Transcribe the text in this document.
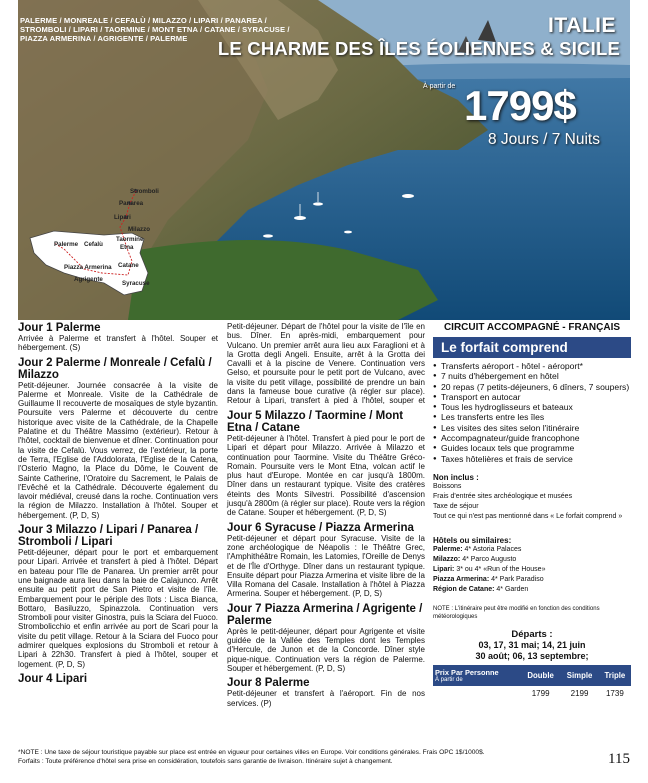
PALERME / MONREALE / CEFALÙ / MILAZZO / LIPARI / PANAREA / STROMBOLI / LIPARI / TAORMINE / MONT ETNA / CATANE / SYRACUSE / PIAZZA ARMERINA / AGRIGENTE / PALERME
ITALIE
LE CHARME DES ÎLES ÉOLIENNES & SICILE
À partir de 1799$
8 Jours / 7 Nuits
Stromboli
Panarea
Lipari
Milazzo
Palerme Cefalù
Taormine
Etna
Piazza Armerina Catane
Agrigente
Syracuse
Jour 1 Palerme

Arrivée à Palerme et transfert à l'hôtel. Souper et hébergement. (S)

Jour 2 Palerme / Monreale / Cefalù / Milazzo

Petit-déjeuner. Journée consacrée à la visite de Palerme et Monreale. Visite de la Cathédrale de Guillaume II recouverte de mosaïques de style byzantin. Poursuite vers Palerme et découverte du centre historique avec visite de la Cathédrale, de la Chapelle Palatine et du Théâtre Massimo (extérieur). Retour à l'hôtel, cocktail de bienvenue et dîner. Continuation pour la visite de Cefalù. Vous verrez, de l'extérieur, la porte de Terra, l'Eglise de l'Addolorata, l'Eglise de la Catena, l'Osterio Magno, la Place du Dôme, le Couvent de Sainte Catherine, l'Oratoire du Sacrement, le Palais de l'Evêché et la Cathédrale. Découverte également du lavoir médiéval, creusé dans la roche. Continuation vers la région de Milazzo. Installation à l'hôtel. Souper et hébergement. (P, D, S)

Jour 3 Milazzo / Lipari / Panarea / Stromboli / Lipari

Petit-déjeuner, départ pour le port et embarquement pour Lipari. Arrivée et transfert à pied à l'hôtel. Départ en bateau pour l'île de Panarea. Un premier arrêt pour une baignade aura lieu dans la baie de Calajunco. Arrêt ensuite au petit port de San Pietro et visite de l'île. Embarquement pour le périple des îlots : Lisca Bianca, Bottaro, Basiluzzo, Spinazzola. Continuation vers Stromboli pour visiter Ginostra, puis la Sciara del Fuoco. Strombolicchio et enfin arrivée au port de Scari pour la visite du petit village. Retour à la Sciara del Fuoco pour admirer quelques explosions du Stromboli et retour à Lipari à 22h30. Transfert à pied à l'hôtel, souper et logement. (P, D, S)

Jour 4 Lipari

Petit-déjeuner. Départ de l'hôtel pour la visite de l'île en bus. Dîner. En après-midi, embarquement pour Vulcano. Un premier arrêt aura lieu aux Faraglioni et à la Grotta degli Angeli. Ensuite, arrêt à la Grotta dei Cavalli et à la piscine de Venere. Continuation vers Gelso, et poursuite pour le petit port de Vulcano, avec la visite du petit village, possibilité de prendre un bain dans la fameuse boue curative (à régler sur place). Retour à Lipari, transfert à pied à l'hôtel, souper et

Jour 5 Milazzo / Taormine / Mont Etna / Catane

Petit-déjeuner à l'hôtel. Transfert à pied pour le port de Lipari et départ pour Milazzo. Arrivée à Milazzo et continuation pour Taormine. Visite du Théâtre Gréco-Romain. Poursuite vers le Mont Etna, volcan actif le plus haut d'Europe. Montée en car jusqu'à 1800m. Dîner dans un restaurant typique. Visite des cratères éteints des Monts Silvestri. Possibilité d'ascension jusqu'à 2800m (à régler sur place). Route vers la région de Catane. Souper et hébergement. (P, D, S)

Jour 6 Syracuse / Piazza Armerina

Petit-déjeuner et départ pour Syracuse. Visite de la zone archéologique de Néapolis : le Théâtre Grec, l'Amphithéâtre Romain, les Latomies, l'Oreille de Denys et de l'Île d'Orthyge. Dîner dans un restaurant typique. Ensuite départ pour Piazza Armerina et visite libre de la Villa Romana del Casale. Installation à l'hôtel à Piazza Armerina. Souper et hébergement. (P, D, S)

Jour 7 Piazza Armerina / Agrigente / Palerme

Après le petit-déjeuner, départ pour Agrigente et visite guidée de la Vallée des Temples dont les Temples d'Hercule, de Junon et de la Concorde. Dîner style pique-nique. Continuation vers la région de Palerme. Souper et hébergement. (P, D, S)

Jour 8 Palerme

Petit-déjeuner et transfert à l'aéroport. Fin de nos services. (P)

CIRCUIT ACCOMPAGNÉ - FRANÇAIS
Le forfait comprend
● Transferts aéroport - hôtel - aéroport*
● 7 nuits d'hébergement en hôtel
● 20 repas (7 petits-déjeuners, 6 dîners, 7 soupers)
● Transport en autocar
● Tous les hydroglisseurs et bateaux
● Les transferts entre les îles
● Les visites des sites selon l'itinéraire
● Accompagnateur/guide francophone
● Guides locaux tels que programme
● Taxes hôtelières et frais de service
Non inclus :
Boissons
Frais d'entrée sites archéologique et musées
Taxe de séjour
Tout ce qui n'est pas mentionné dans « Le forfait comprend »
Hôtels ou similaires:
Palerme: 4* Astoria Palaces
Milazzo: 4* Parco Augusto
Lipari: 3* ou 4* «Run of the House»
Piazza Armerina: 4* Park Paradiso
Région de Catane: 4* Garden
NOTE : L'itinéraire peut être modifié en fonction des conditions météorologiques
Départs :
03, 17, 31 mai; 14, 21 juin
30 août; 06, 13 septembre;
Prix Par Personne
À partir de	Double	Simple	Triple
	1799	2199	1739
*NOTE : Une taxe de séjour touristique payable sur place est entrée en vigueur pour certaines villes en Europe. Voir conditions générales. Frais OPC 1$/1000$.
Forfaits : Toute préférence d'hôtel sera prise en considération, toutefois sans garantie de livraison. Itinéraire sujet à changement.	115
